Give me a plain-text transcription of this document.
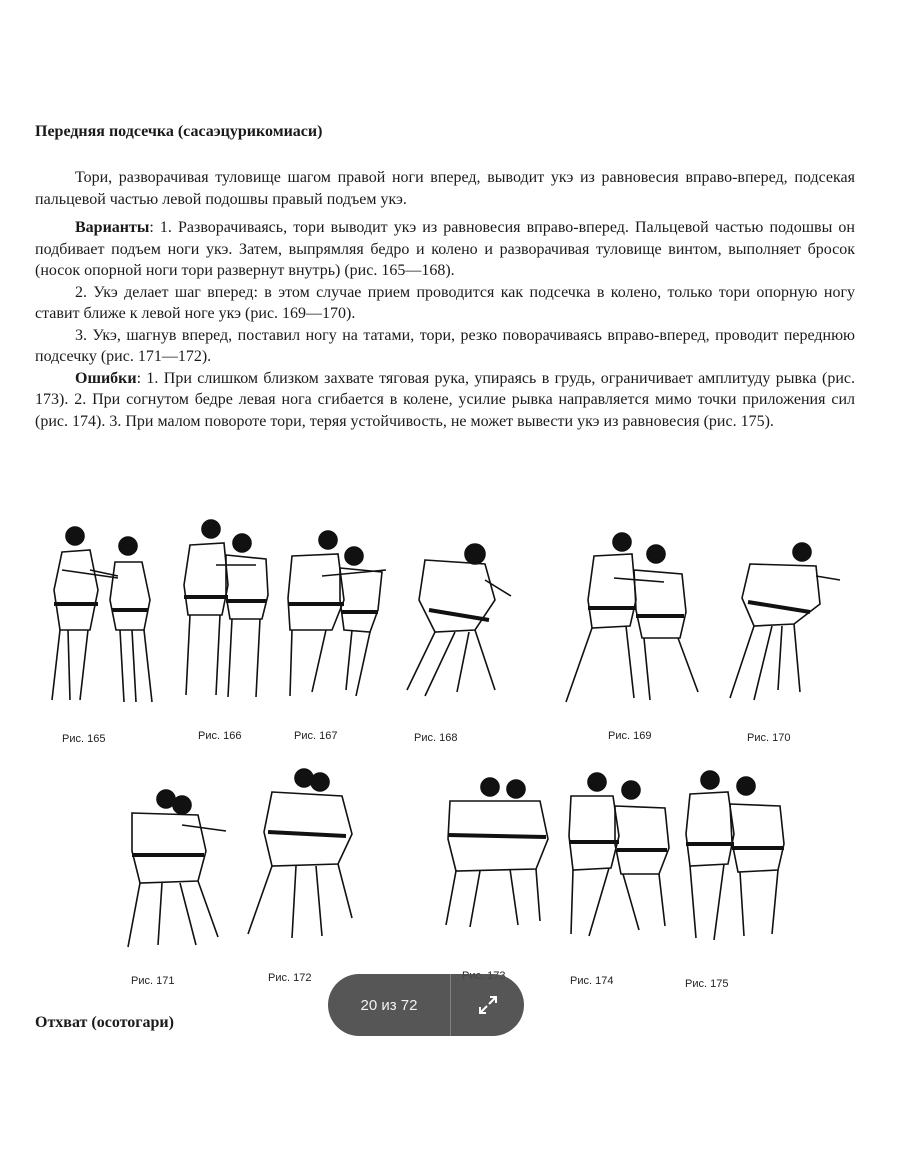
Передняя подсечка (сасаэцурикомиаси)

Тори, разворачивая туловище шагом правой ноги вперед, выводит укэ из равновесия вправо-вперед, подсекая пальцевой частью левой подошвы правый подъем укэ.

Варианты: 1. Разворачиваясь, тори выводит укэ из равновесия вправо-вперед. Пальцевой частью подошвы он подбивает подъем ноги укэ. Затем, выпрямляя бедро и колено и разворачивая туловище винтом, выполняет бросок (носок опорной ноги тори развернут внутрь) (рис. 165—168).

2. Укэ делает шаг вперед: в этом случае прием проводится как подсечка в колено, только тори опорную ногу ставит ближе к левой ноге укэ (рис. 169—170).

3. Укэ, шагнув вперед, поставил ногу на татами, тори, резко поворачиваясь вправо-вперед, проводит переднюю подсечку (рис. 171—172).

Ошибки: 1. При слишком близком захвате тяговая рука, упираясь в грудь, ограничивает амплитуду рывка (рис. 173). 2. При согнутом бедре левая нога сгибается в колене, усилие рывка направляется мимо точки приложения сил (рис. 174). 3. При малом повороте тори, теряя устойчивость, не может вывести укэ из равновесия (рис. 175).

Рис. 165	Рис. 166	Рис. 167	Рис. 168	Рис. 169	Рис. 170
Рис. 171	Рис. 172	Рис. 174	Рис. 175
Отхват (осотогари)
20 из 72
